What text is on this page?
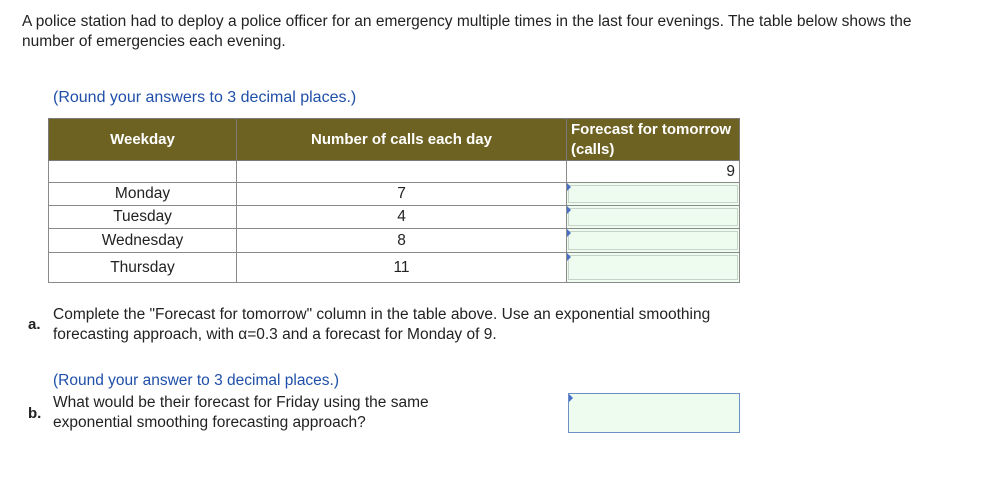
A police station had to deploy a police officer for an emergency multiple times in the last four evenings. The table below shows the number of emergencies each evening.

(Round your answers to 3 decimal places.)

Weekday	Number of calls each day	Forecast for tomorrow (calls)
		9
Monday	7	

Tuesday	4	

Wednesday	8	

Thursday	11	
a.

Complete the "Forecast for tomorrow" column in the table above. Use an exponential smoothing forecasting approach, with α=0.3 and a forecast for Monday of 9.

b.

(Round your answer to 3 decimal places.)

What would be their forecast for Friday using the same exponential smoothing forecasting approach?
